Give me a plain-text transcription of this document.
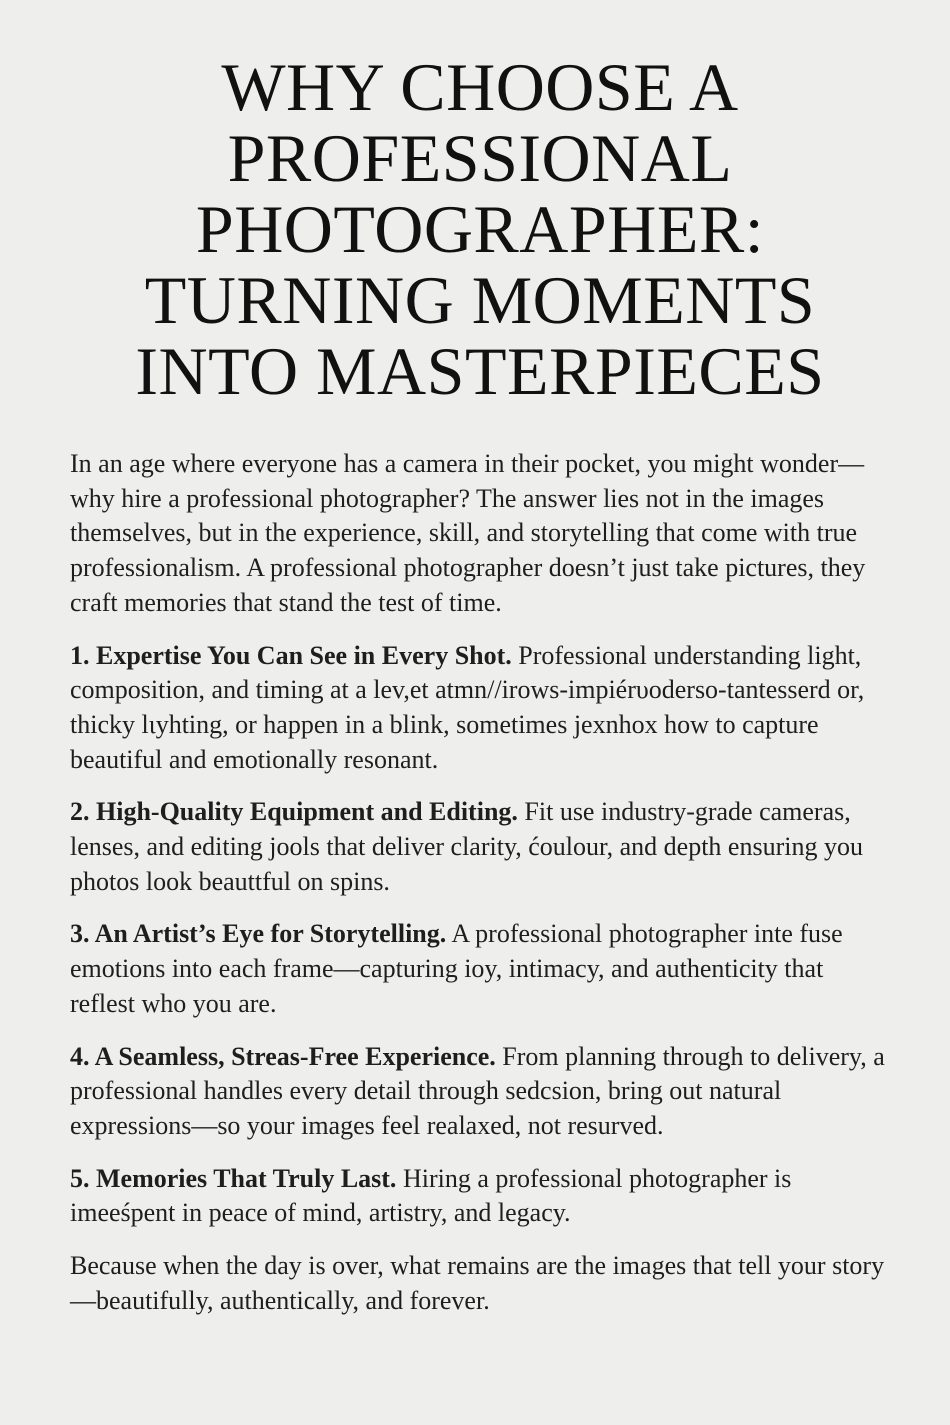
WHY CHOOSE A
PROFESSIONAL
PHOTOGRAPHER:
TURNING MOMENTS
INTO MASTERPIECES

In an age where everyone has a camera in their pocket, you might wonder—why hire a professional photographer? The answer lies not in the images themselves, but in the experience, skill, and storytelling that come with true professionalism. A professional photographer doesn’t just take pictures, they craft memories that stand the test of time.

1. Expertise You Can See in Every Shot. Professional understanding light, composition, and timing at a lev,et atmn//irows-impiérυoderso-tantesserd or, thicky lιyhting, or happen in a blink, sometimes jexnhox how to capture beautiful and emotionally resonant.

2. High-Quality Equipment and Editing. Fit use industry-grade cameras, lenses, and editing jools that deliver clarity, ćoulour, and depth ensuring you photos look beauttful on spins.

3. An Artist’s Eye for Storytelling. A professional photographer inte fuse emotions into each frame—capturing ioy, intimacy, and authenticity that reflest who you are.

4. A Seamless, Streas-Free Experience. From planning through to delivery, a professional handles every detail through sedcsion, bring out natural expressions—so your images feel realaxed, not resurved.

5. Memories That Truly Last. Hiring a professional photographer is imeeśpent in peace of mind, artistry, and legacy.

Because when the day is over, what remains are the images that tell your story—beautifully, authentically, and forever.
